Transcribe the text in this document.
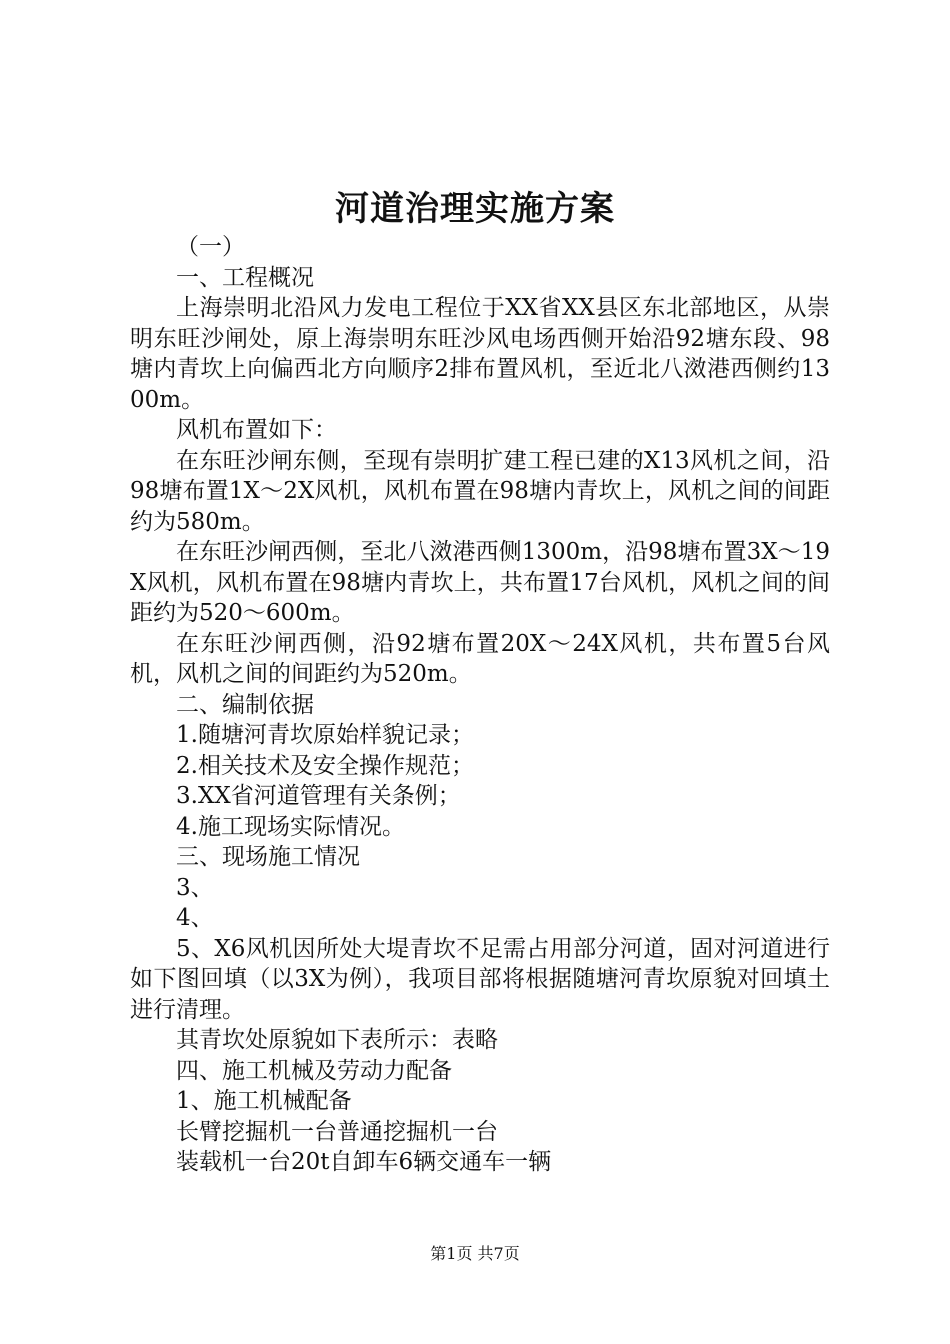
河道治理实施方案

（一）

一、工程概况

上海崇明北沿风力发电工程位于XX省XX县区东北部地区，从崇明东旺沙闸处，原上海崇明东旺沙风电场西侧开始沿92塘东段、98塘内青坎上向偏西北方向顺序2排布置风机，至近北八滧港西侧约1300m。

风机布置如下：

在东旺沙闸东侧，至现有崇明扩建工程已建的X13风机之间，沿98塘布置1X～2X风机，风机布置在98塘内青坎上，风机之间的间距约为580m。

在东旺沙闸西侧，至北八滧港西侧1300m，沿98塘布置3X～19X风机，风机布置在98塘内青坎上，共布置17台风机，风机之间的间距约为520～600m。

在东旺沙闸西侧，沿92塘布置20X～24X风机，共布置5台风机，风机之间的间距约为520m。

二、编制依据

1.随塘河青坎原始样貌记录；

2.相关技术及安全操作规范；

3.XX省河道管理有关条例；

4.施工现场实际情况。

三、现场施工情况

3、

4、

5、X6风机因所处大堤青坎不足需占用部分河道，固对河道进行如下图回填（以3X为例），我项目部将根据随塘河青坎原貌对回填土进行清理。

其青坎处原貌如下表所示：表略

四、施工机械及劳动力配备

1、施工机械配备

长臂挖掘机一台普通挖掘机一台

装载机一台20t自卸车6辆交通车一辆

第1页 共7页
